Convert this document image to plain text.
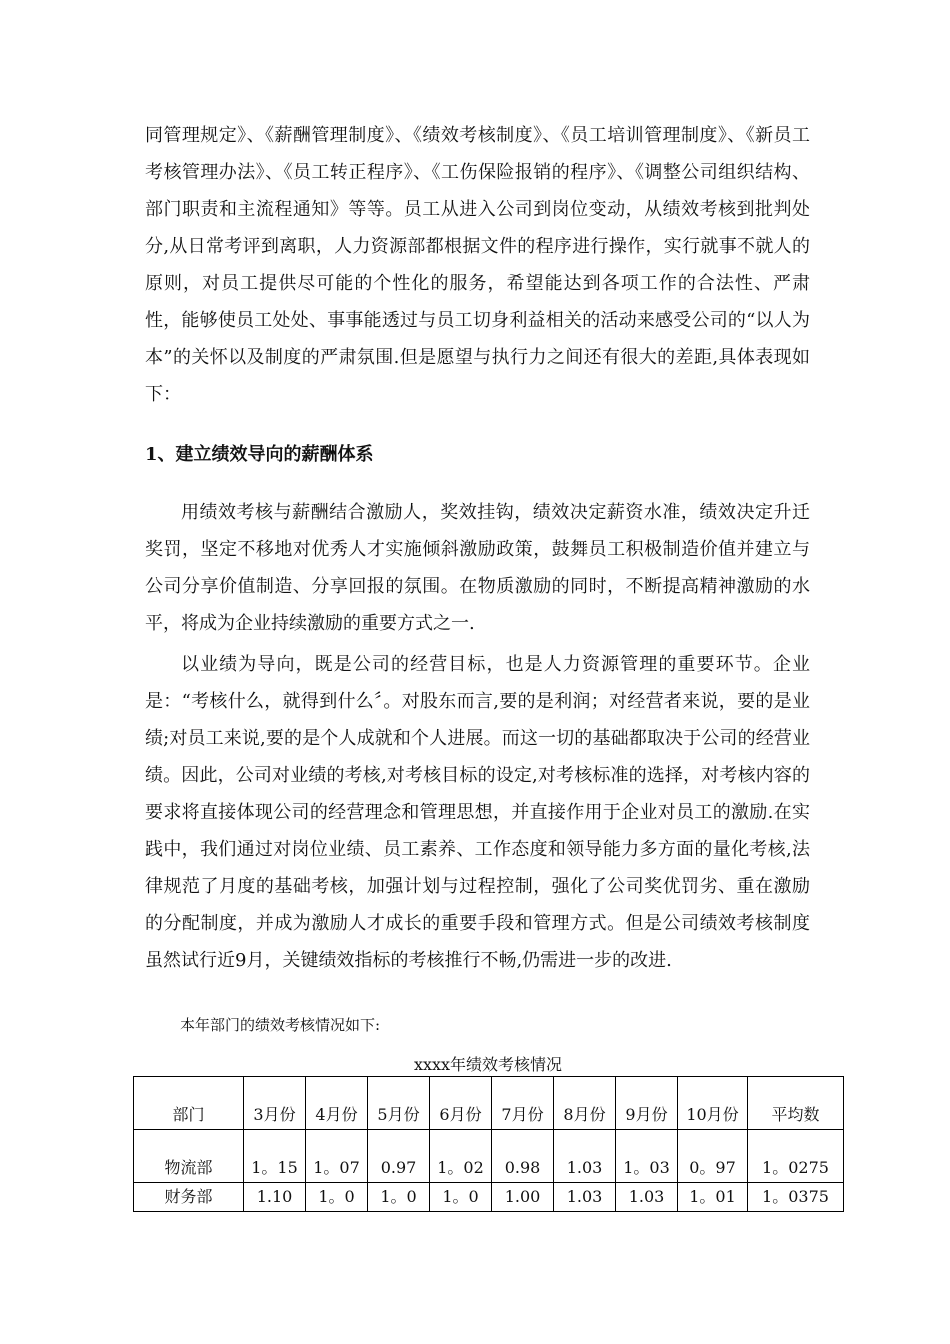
同管理规定》、《薪酬管理制度》、《绩效考核制度》、《员工培训管理制度》、《新员工考核管理办法》、《员工转正程序》、《工伤保险报销的程序》、《调整公司组织结构、部门职责和主流程通知》等等。员工从进入公司到岗位变动，从绩效考核到批判处分,从日常考评到离职，人力资源部都根据文件的程序进行操作，实行就事不就人的原则，对员工提供尽可能的个性化的服务，希望能达到各项工作的合法性、严肃性，能够使员工处处、事事能透过与员工切身利益相关的活动来感受公司的“以人为本”的关怀以及制度的严肃氛围.但是愿望与执行力之间还有很大的差距,具体表现如下：

1、建立绩效导向的薪酬体系

用绩效考核与薪酬结合激励人，奖效挂钩，绩效决定薪资水准，绩效决定升迁奖罚，坚定不移地对优秀人才实施倾斜激励政策，鼓舞员工积极制造价值并建立与公司分享价值制造、分享回报的氛围。在物质激励的同时，不断提高精神激励的水平，将成为企业持续激励的重要方式之一.

以业绩为导向，既是公司的经营目标，也是人力资源管理的重要环节。企业是：“考核什么，就得到什么〞。对股东而言,要的是利润；对经营者来说，要的是业绩;对员工来说,要的是个人成就和个人进展。而这一切的基础都取决于公司的经营业绩。因此，公司对业绩的考核,对考核目标的设定,对考核标准的选择，对考核内容的要求将直接体现公司的经营理念和管理思想，并直接作用于企业对员工的激励.在实践中，我们通过对岗位业绩、员工素养、工作态度和领导能力多方面的量化考核,法律规范了月度的基础考核，加强计划与过程控制，强化了公司奖优罚劣、重在激励的分配制度，并成为激励人才成长的重要手段和管理方式。但是公司绩效考核制度虽然试行近9月，关键绩效指标的考核推行不畅,仍需进一步的改进.

本年部门的绩效考核情况如下:

xxxx年绩效考核情况

部门	3月份	4月份	5月份	6月份	7月份	8月份	9月份	10月份	平均数
物流部	1。15	1。07	0.97	1。02	0.98	1.03	1。03	0。97	1。0275
财务部	1.10	1。0	1。0	1。0	1.00	1.03	1.03	1。01	1。0375
